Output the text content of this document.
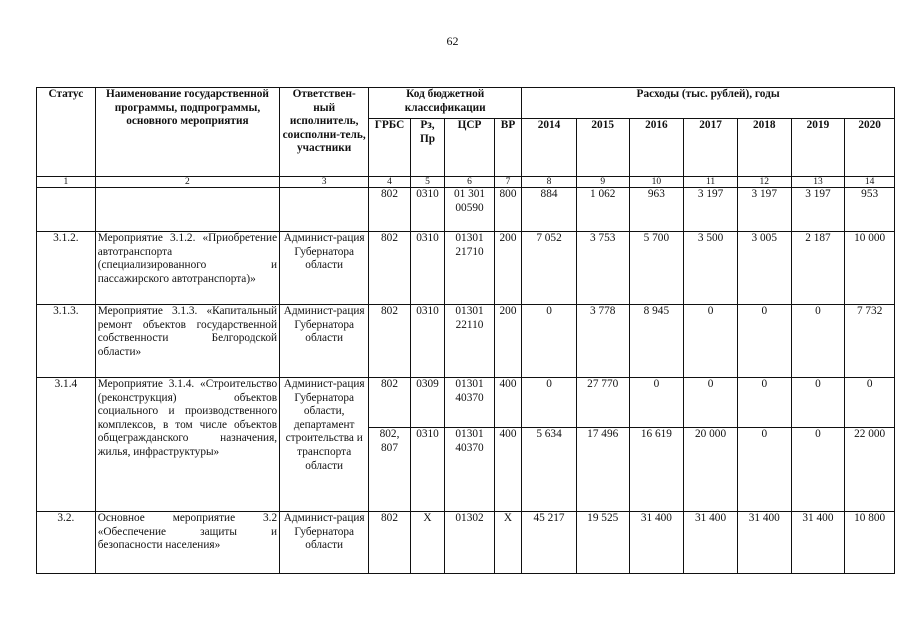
62
Статус	Наименование государственной программы, подпрограммы, основного мероприятия	Ответствен-ный исполнитель, соисполни-тель, участники	Код бюджетной классификации				Расходы (тыс. рублей), годы						
			ГРБС	Рз, Пр	ЦСР	ВР	2014	2015	2016	2017	2018	2019	2020
1	2	3	4	5	6	7	8	9	10	11	12	13	14
			802	0310	01 301 00590	800	884	1 062	963	3 197	3 197	3 197	953
3.1.2.	Мероприятие 3.1.2. «Приобретение автотранспорта (специализированного и пассажирского автотранспорта)»	Админист-рация Губернатора области	802	0310	01301 21710	200	7 052	3 753	5 700	3 500	3 005	2 187	10 000
3.1.3.	Мероприятие 3.1.3. «Капитальный ремонт объектов государственной собственности Белгородской области»	Админист-рация Губернатора области	802	0310	01301 22110	200	0	3 778	8 945	0	0	0	7 732
3.1.4	Мероприятие 3.1.4. «Строительство (реконструкция) объектов социального и производственного комплексов, в том числе объектов общегражданского назначения, жилья, инфраструктуры»	Админист-рация Губернатора области, департамент строительства и транспорта области	802	0309	01301 40370	400	0	27 770	0	0	0	0	0
			802, 807	0310	01301 40370	400	5 634	17 496	16 619	20 000	0	0	22 000
3.2.	Основное мероприятие 3.2 «Обеспечение защиты и безопасности населения»	Админист-рация Губернатора области	802	Х	01302	Х	45 217	19 525	31 400	31 400	31 400	31 400	10 800
